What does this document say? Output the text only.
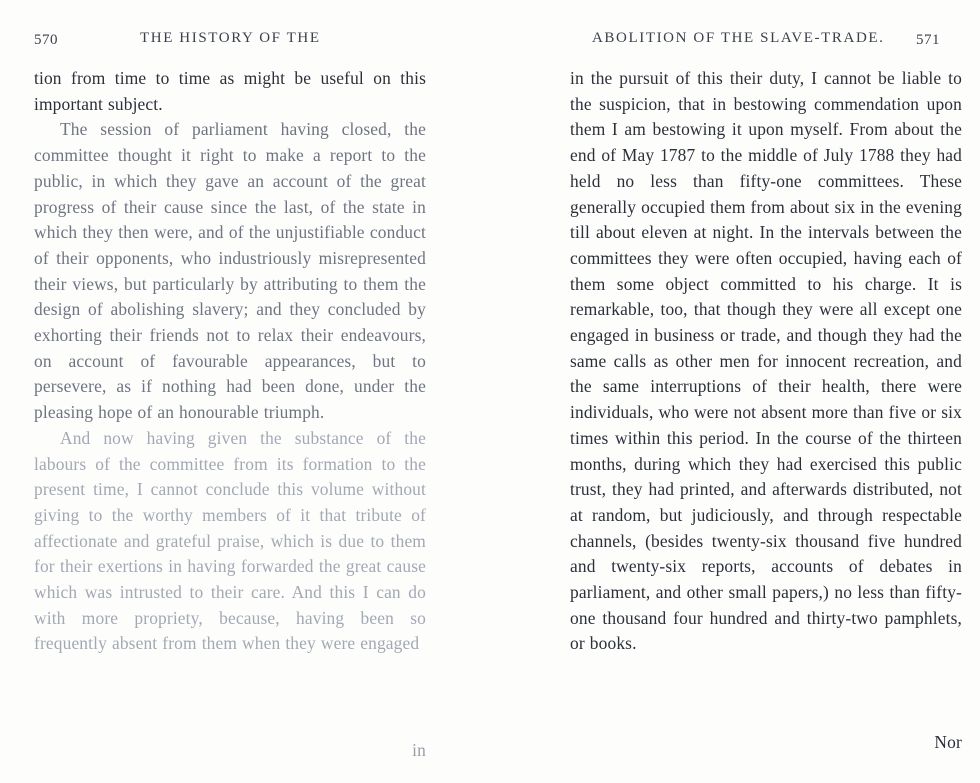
570	THE HISTORY OF THE	ABOLITION OF THE SLAVE-TRADE. 571

tion from time to time as might be useful on this important subject.

The session of parliament having closed, the committee thought it right to make a report to the public, in which they gave an account of the great progress of their cause since the last, of the state in which they then were, and of the unjustifiable conduct of their opponents, who industriously misrepresented their views, but particularly by attributing to them the design of abolishing slavery; and they concluded by exhorting their friends not to relax their endeavours, on account of favourable appearances, but to persevere, as if nothing had been done, under the pleasing hope of an honourable triumph.

And now having given the substance of the labours of the committee from its formation to the present time, I cannot conclude this volume without giving to the worthy members of it that tribute of affectionate and grateful praise, which is due to them for their exertions in having forwarded the great cause which was intrusted to their care. And this I can do with more propriety, because, having been so frequently absent from them when they were engaged

in

in the pursuit of this their duty, I cannot be liable to the suspicion, that in bestowing commendation upon them I am bestowing it upon myself. From about the end of May 1787 to the middle of July 1788 they had held no less than fifty-one committees. These generally occupied them from about six in the evening till about eleven at night. In the intervals between the committees they were often occupied, having each of them some object committed to his charge. It is remarkable, too, that though they were all except one engaged in business or trade, and though they had the same calls as other men for innocent recreation, and the same interruptions of their health, there were individuals, who were not absent more than five or six times within this period. In the course of the thirteen months, during which they had exercised this public trust, they had printed, and afterwards distributed, not at random, but judiciously, and through respectable channels, (besides twenty-six thousand five hundred and twenty-six reports, accounts of debates in parliament, and other small papers,) no less than fifty-one thousand four hundred and thirty-two pamphlets, or books.

Nor
